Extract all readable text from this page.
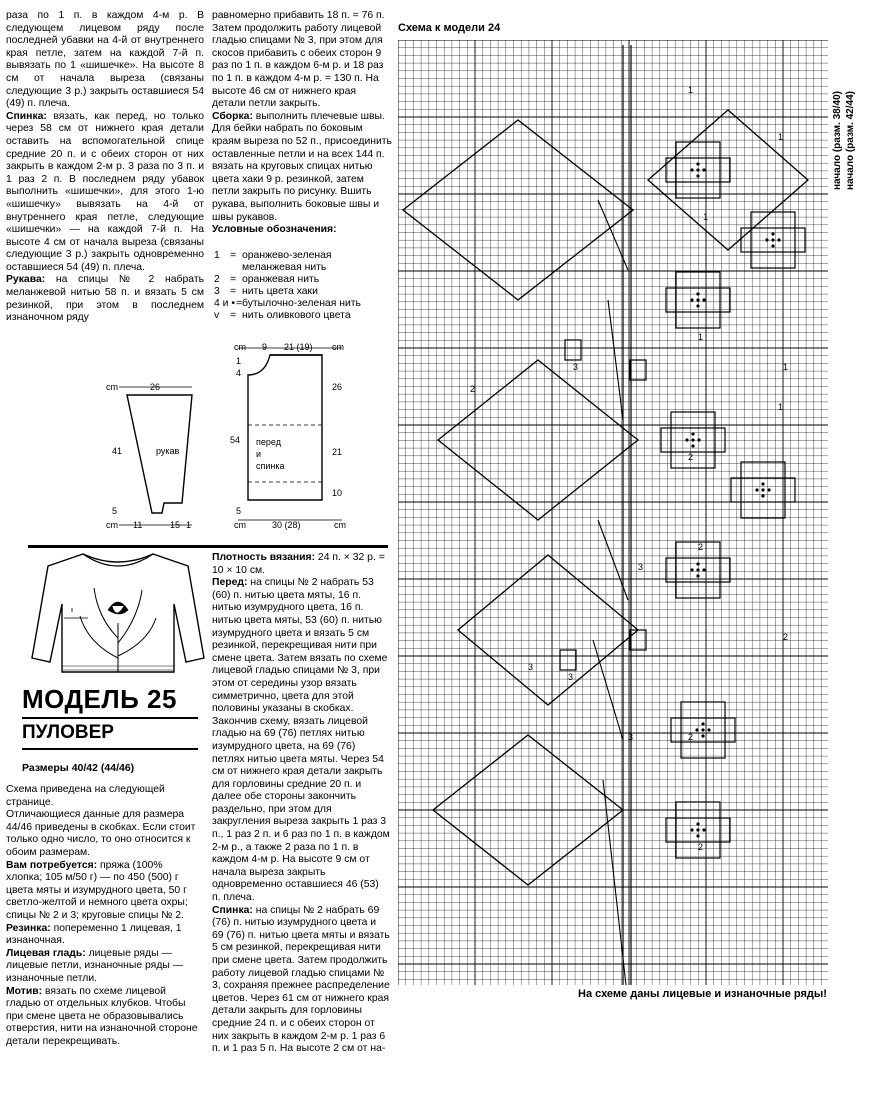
раза по 1 п. в каждом 4-м р. В следующем лицевом ряду после последней убавки на 4-й от внутреннего края петле, затем на каждой 7-й п. вывязать по 1 «шишечке». На высоте 8 см от начала выреза (связаны следующие 3 р.) закрыть оставшиеся 54 (49) п. плеча.
Спинка: вязать, как перед, но только через 58 см от нижнего края детали оставить на вспомогательной спице средние 20 п. и с обеих сторон от них закрыть в каждом 2-м р. 3 раза по 3 п. и 1 раз 2 п. В последнем ряду убавок выполнить «шишечки», для этого 1-ю «шишечку» вывязать на 4-й от внутреннего края петле, следующие «шишечки» — на каждой 7-й п. На высоте 4 см от начала выреза (связаны следующие 3 р.) закрыть одновременно оставшиеся 54 (49) п. плеча.
Рукава: на спицы № 2 набрать меланжевой нитью 58 п. и вязать 5 см резинкой, при этом в последнем изнаночном ряду
равномерно прибавить 18 п. = 76 п. Затем продолжить работу лицевой гладью спицами № 3, при этом для скосов прибавить с обеих сторон 9 раз по 1 п. в каждом 6-м р. и 18 раз по 1 п. в каждом 4-м р. = 130 п. На высоте 46 см от нижнего края детали петли закрыть.
Сборка: выполнить плечевые швы. Для бейки набрать по боковым краям выреза по 52 п., присоединить оставленные петли и на всех 144 п. вязать на круговых спицах нитью цвета хаки 9 р. резинкой, затем петли закрыть по рисунку. Вшить рукава, выполнить боковые швы и швы рукавов.
Условные обозначения:
1 = оранжево-зеленая меланжевая нить
2 = оранжевая нить
3 = нить цвета хаки
4 и • = бутылочно-зеленая нить
v	= нить оливкового цвета
cm	26
41	рукав
5
cm 11	15 1
cm 9 21 (19) cm
1
4
26
54
21
перед
и
спинка
10
5
cm	30 (28)	cm
МОДЕЛЬ 25
ПУЛОВЕР
Размеры 40/42 (44/46)
Схема приведена на следующей странице.
Отличающиеся данные для размера 44/46 приведены в скобках. Если стоит только одно число, то оно относится к обоим размерам.
Вам потребуется: пряжа (100% хлопка; 105 м/50 г) — по 450 (500) г цвета мяты и изумрудного цвета, 50 г светло-желтой и немного цвета охры; спицы № 2 и 3; круговые спицы № 2.
Резинка: попеременно 1 лицевая, 1 изнаночная.
Лицевая гладь: лицевые ряды — лицевые петли, изнаночные ряды — изнаночные петли.
Мотив: вязать по схеме лицевой гладью от отдельных клубков. Чтобы при смене цвета не образовывались отверстия, нити на изнаночной стороне детали перекрещивать.
Плотность вязания: 24 п. × 32 р. = 10 × 10 см.
Перед: на спицы № 2 набрать 53 (60) п. нитью цвета мяты, 16 п. нитью изумрудного цвета, 16 п. нитью цвета мяты, 53 (60) п. нитью изумрудного цвета и вязать 5 см резинкой, перекрещивая нити при смене цвета. Затем вязать по схеме лицевой гладью спицами № 3, при этом от середины узор вязать симметрично, цвета для этой половины указаны в скобках. Закончив схему, вязать лицевой гладью на 69 (76) петлях нитью изумрудного цвета, на 69 (76) петлях нитью цвета мяты. Через 54 см от нижнего края детали закрыть для горловины средние 20 п. и далее обе стороны закончить раздельно, при этом для закругления выреза закрыть 1 раз 3 п., 1 раз 2 п. и 6 раз по 1 п. в каждом 2-м р., а также 2 раза по 1 п. в каждом 4-м р. На высоте 9 см от начала выреза закрыть одновременно оставшиеся 46 (53) п. плеча.
Спинка: на спицы № 2 набрать 69 (76) п. нитью изумрудного цвета и 69 (76) п. нитью цвета мяты и вязать 5 см резинкой, перекрещивая нити при смене цвета. Затем продолжить работу лицевой гладью спицами № 3, сохраняя прежнее распределение цветов. Через 61 см от нижнего края детали закрыть для горловины средние 24 п. и с обеих сторон от них закрыть в каждом 2-м р. 1 раз 6 п. и 1 раз 5 п. На высоте 2 см от на-
Схема к модели 24
1
1
1
1
1
1
2
2
2
2
2
2
3
3
3
3
3
начало (разм. 38/40) начало (разм. 42/44)
На схеме даны лицевые и изнаночные ряды!
